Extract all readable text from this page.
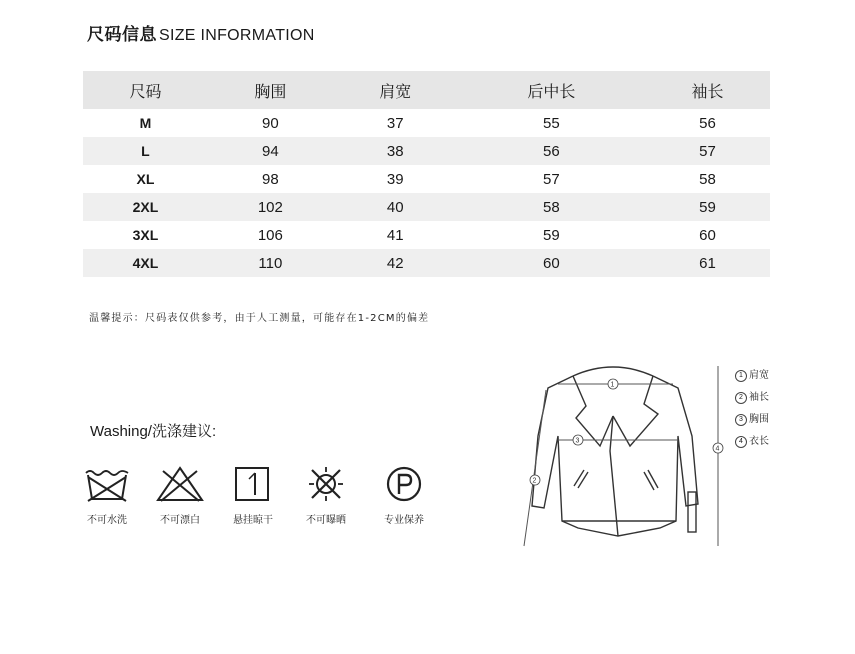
尺码信息 SIZE INFORMATION
尺码	胸围	肩宽	后中长	袖长
M	90	37	55	56
L	94	38	56	57
XL	98	39	57	58
2XL	102	40	58	59
3XL	106	41	59	60
4XL	110	42	60	61
温馨提示：尺码表仅供参考，由于人工测量，可能存在1-2CM的偏差
Washing/洗涤建议:
不可水洗	不可漂白	悬挂晾干	不可曝晒	专业保养
1
2
3
4
1 肩宽
2 袖长
3 胸围
4 衣长
